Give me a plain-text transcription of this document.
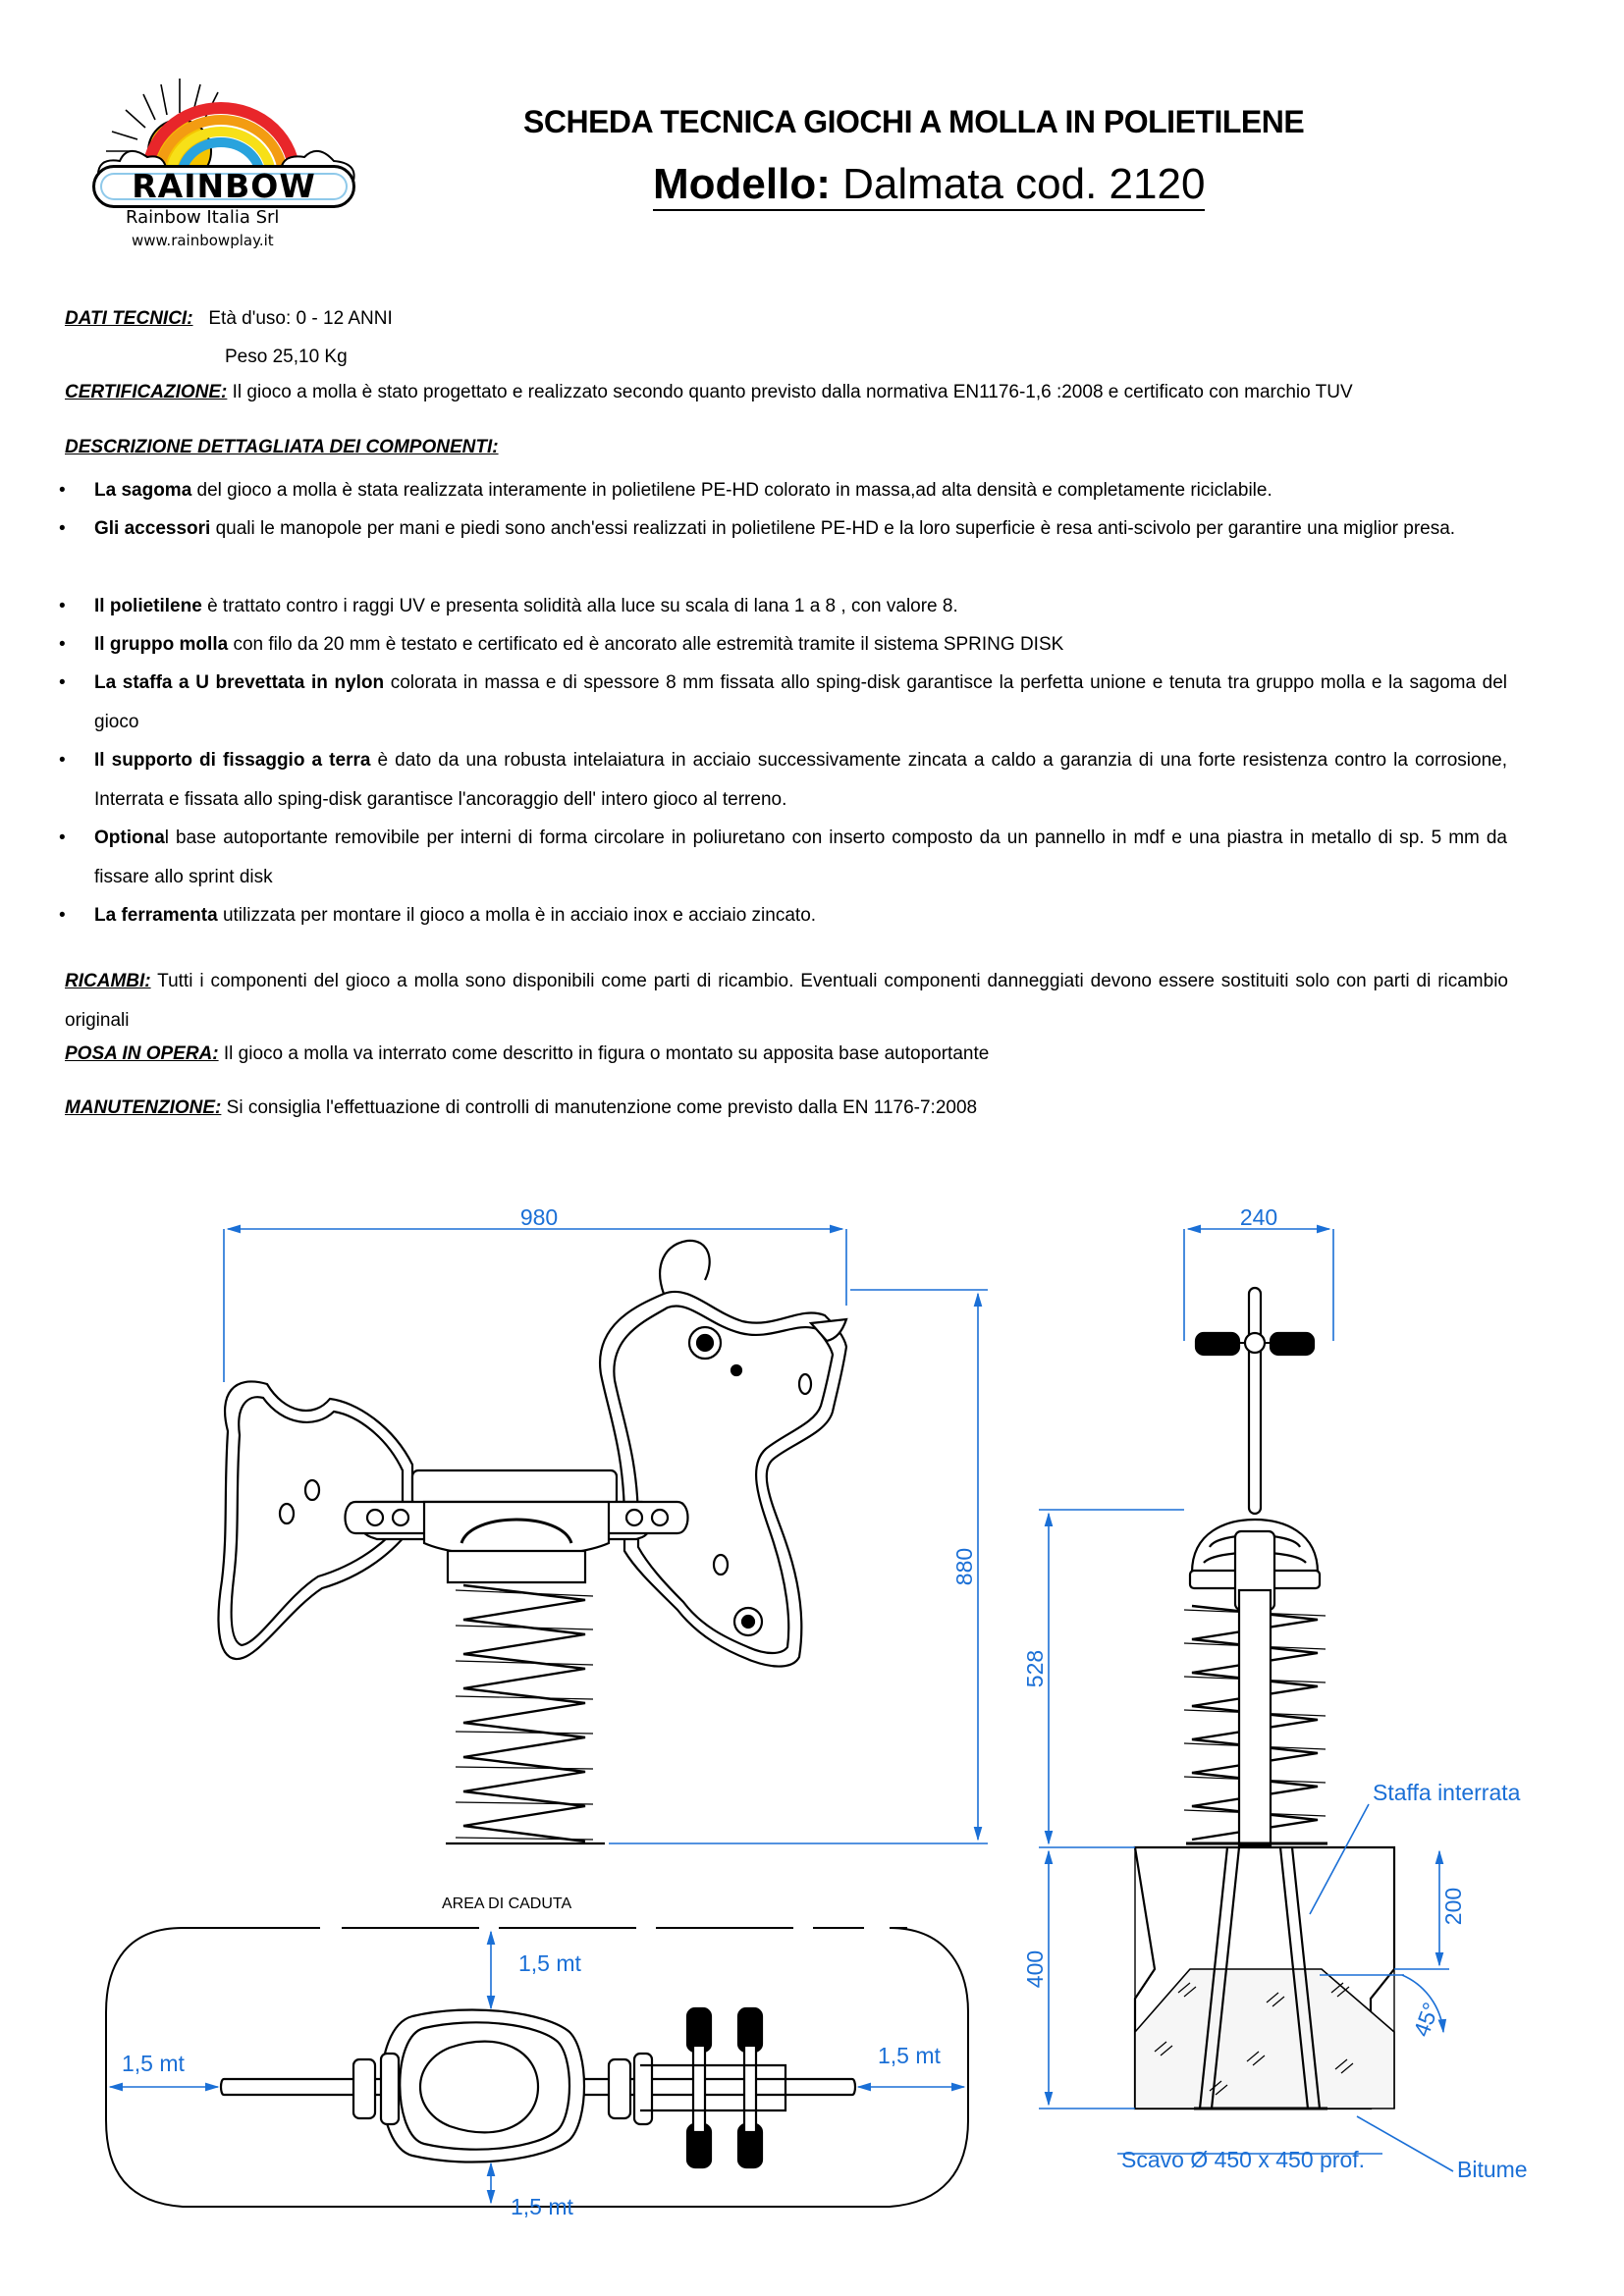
RAINBOW
Rainbow Italia Srl
www.rainbowplay.it
SCHEDA TECNICA GIOCHI A MOLLA IN POLIETILENE
Modello: Dalmata cod. 2120
DATI TECNICI: Età d'uso: 0 - 12 ANNI
Peso 25,10 Kg
CERTIFICAZIONE: Il gioco a molla è stato progettato e realizzato secondo quanto previsto dalla normativa EN1176-1,6 :2008 e certificato con marchio TUV
DESCRIZIONE DETTAGLIATA DEI COMPONENTI:
•	La sagoma del gioco a molla è stata realizzata interamente in polietilene PE-HD colorato in massa,ad alta densità e completamente riciclabile.
•	Gli accessori quali le manopole per mani e piedi sono anch'essi realizzati in polietilene PE-HD e la loro superficie è resa anti-scivolo per garantire una miglior presa.
•	Il polietilene è trattato contro i raggi UV e presenta solidità alla luce su scala di lana 1 a 8 , con valore 8.
•	Il gruppo molla con filo da 20 mm è testato e certificato ed è ancorato alle estremità tramite il sistema SPRING DISK
•	La staffa a U brevettata in nylon colorata in massa e di spessore 8 mm fissata allo sping-disk garantisce la perfetta unione e tenuta tra gruppo molla e la sagoma del gioco
•	Il supporto di fissaggio a terra è dato da una robusta intelaiatura in acciaio successivamente zincata a caldo a garanzia di una forte resistenza contro la corrosione, Interrata e fissata allo sping-disk garantisce l'ancoraggio dell' intero gioco al terreno.
•	Optional base autoportante removibile per interni di forma circolare in poliuretano con inserto composto da un pannello in mdf e una piastra in metallo di sp. 5 mm da fissare allo sprint disk
•	La ferramenta utilizzata per montare il gioco a molla è in acciaio inox e acciaio zincato.
RICAMBI: Tutti i componenti del gioco a molla sono disponibili come parti di ricambio. Eventuali componenti danneggiati devono essere sostituiti solo con parti di ricambio originali
POSA IN OPERA: Il gioco a molla va interrato come descritto in figura o montato su apposita base autoportante
MANUTENZIONE: Si consiglia l'effettuazione di controlli di manutenzione come previsto dalla EN 1176-7:2008
980
880
240
528
400
200
45°
Staffa interrata
Bitume
Scavo Ø 450 x 450 prof.
AREA DI CADUTA
1,5 mt
1,5 mt
1,5 mt	1,5 mt
